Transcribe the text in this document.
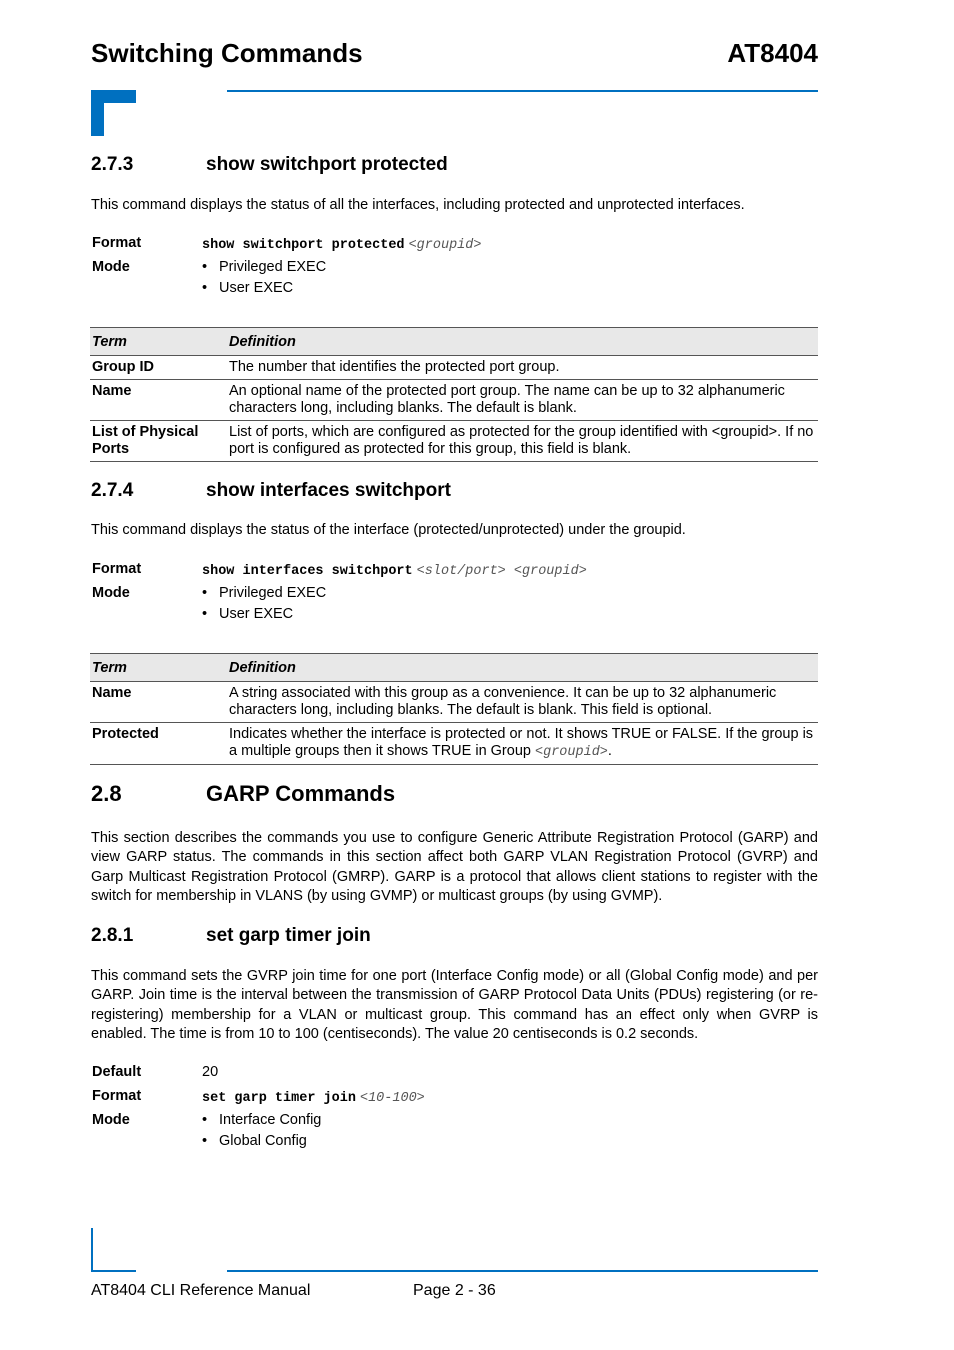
Switching Commands	AT8404
2.7.3	show switchport protected
This command displays the status of all the interfaces, including protected and unprotected interfaces.
Format	show switchport protected <groupid>
Mode	• Privileged EXEC
• User EXEC
Term	Definition
Group ID	The number that identifies the protected port group.
Name	An optional name of the protected port group. The name can be up to 32 alphanumeric characters long, including blanks. The default is blank.
List of Physical Ports	List of ports, which are configured as protected for the group identified with <groupid>. If no port is configured as protected for this group, this field is blank.
2.7.4	show interfaces switchport
This command displays the status of the interface (protected/unprotected) under the groupid.
Format	show interfaces switchport <slot/port> <groupid>
Mode	• Privileged EXEC
• User EXEC
Term	Definition
Name	A string associated with this group as a convenience. It can be up to 32 alphanumeric characters long, including blanks. The default is blank. This field is optional.
Protected	Indicates whether the interface is protected or not. It shows TRUE or FALSE. If the group is a multiple groups then it shows TRUE in Group <groupid>.
2.8	GARP Commands
This section describes the commands you use to configure Generic Attribute Registration Protocol (GARP) and view GARP status. The commands in this section affect both GARP VLAN Registration Protocol (GVRP) and Garp Multicast Registration Protocol (GMRP). GARP is a protocol that allows client stations to register with the switch for membership in VLANS (by using GVMP) or multicast groups (by using GVMP).
2.8.1	set garp timer join
This command sets the GVRP join time for one port (Interface Config mode) or all (Global Config mode) and per GARP. Join time is the interval between the transmission of GARP Protocol Data Units (PDUs) registering (or re-registering) membership for a VLAN or multicast group. This command has an effect only when GVRP is enabled. The time is from 10 to 100 (centiseconds). The value 20 centiseconds is 0.2 seconds.
Default	20
Format	set garp timer join <10-100>
Mode	• Interface Config
• Global Config
AT8404 CLI Reference Manual	Page 2 - 36
